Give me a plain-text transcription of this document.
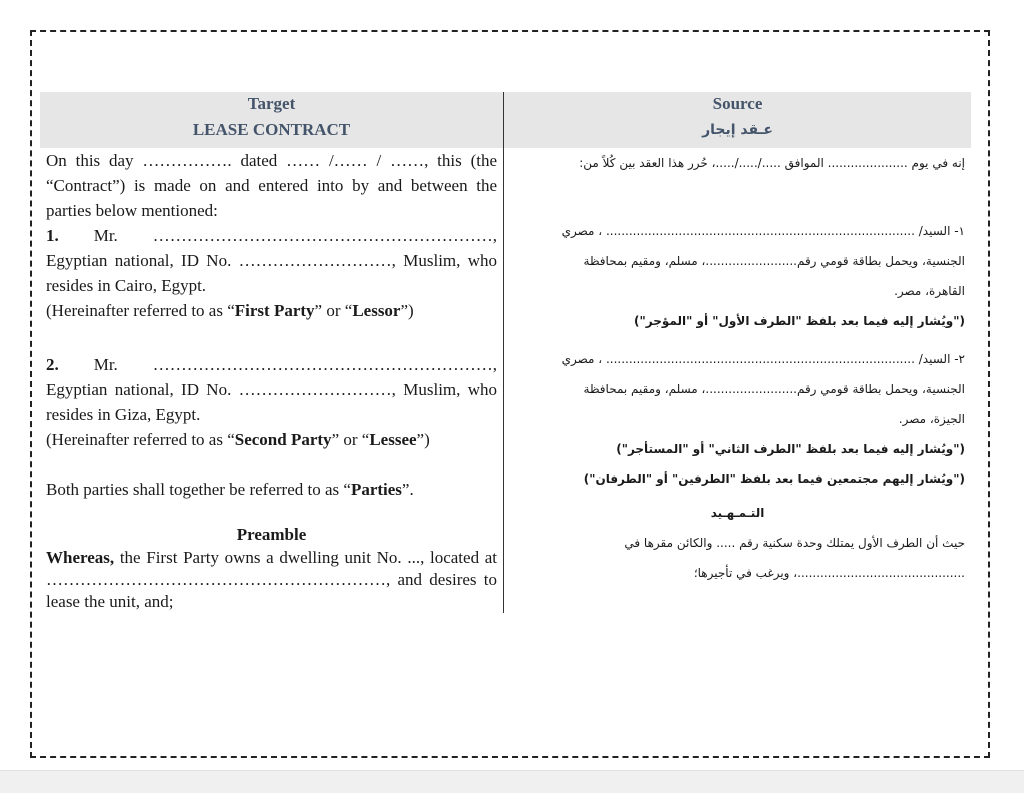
Target
LEASE CONTRACT

On this day ……………. dated …… /…… / ……, this (the “Contract”) is made on and entered into by and between the parties below mentioned:

1. Mr. ……………………………………………………, Egyptian national, ID No. ………………………, Muslim, who resides in Cairo, Egypt.

(Hereinafter referred to as “First Party” or “Lessor”)

2. Mr. ……………………………………………………, Egyptian national, ID No. ………………………, Muslim, who resides in Giza, Egypt.

(Hereinafter referred to as “Second Party” or “Lessee”)

Both parties shall together be referred to as “Parties”.

Preamble

Whereas, the First Party owns a dwelling unit No. ..., located at ……………………………………………………, and desires to lease the unit, and;

Source
عـقد إيجار

إنه في يوم ..................... الموافق ...../...../.....، حُرر هذا العقد بين كُلاً من:

١- السيد/ ................................................................................. ، مصري

الجنسية، ويحمل بطاقة قومي رقم........................، مسلم، ومقيم بمحافظة

القاهرة، مصر.

("ويُشار إليه فيما بعد بلفظ "الطرف الأول" أو "المؤجر")

٢- السيد/ ................................................................................. ، مصري

الجنسية، ويحمل بطاقة قومي رقم........................، مسلم، ومقيم بمحافظة

الجيزة، مصر.

("ويُشار إليه فيما بعد بلفظ "الطرف الثاني" أو "المستأجر")

("ويُشار إليهم مجتمعين فيما بعد بلفظ "الطرفين" أو "الطرفان")

التـمـهـيد

حيث أن الطرف الأول يمتلك وحدة سكنية رقم ..... والكائن مقرها في

............................................، ويرغب في تأجيرها؛
